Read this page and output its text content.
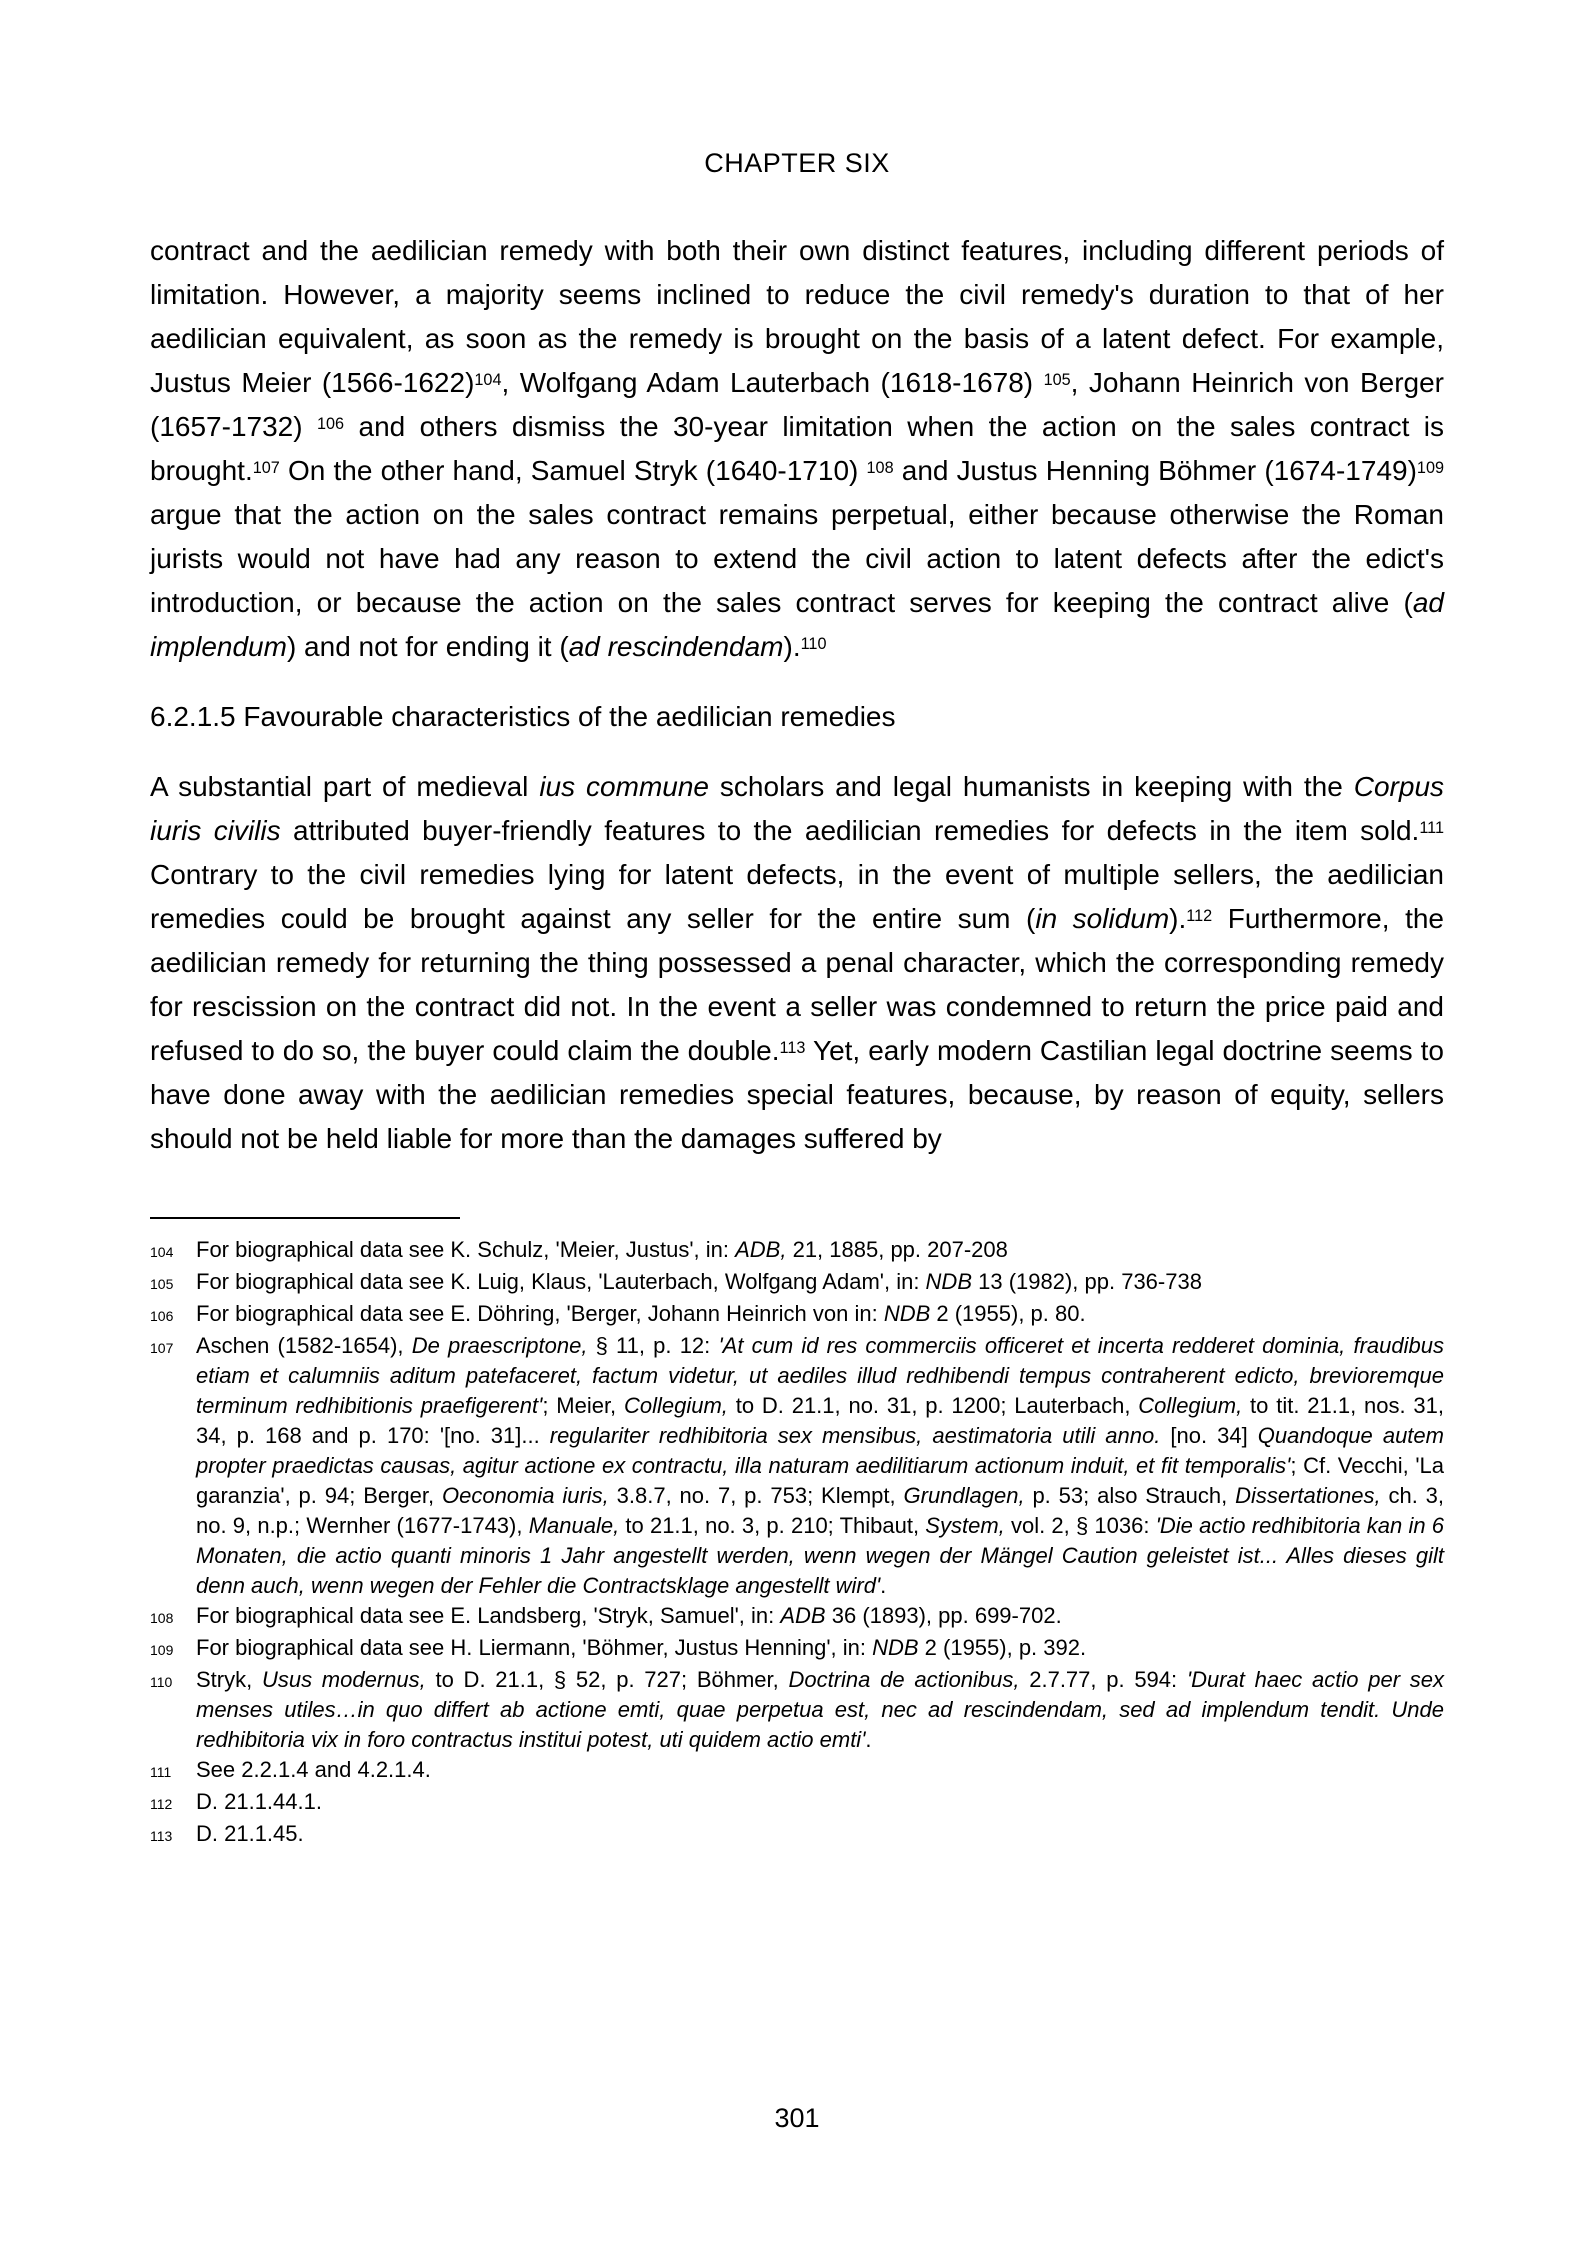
CHAPTER SIX

contract and the aedilician remedy with both their own distinct features, including different periods of limitation. However, a majority seems inclined to reduce the civil remedy's duration to that of her aedilician equivalent, as soon as the remedy is brought on the basis of a latent defect. For example, Justus Meier (1566-1622)$^{104}$, Wolfgang Adam Lauterbach (1618-1678) $^{105}$, Johann Heinrich von Berger (1657-1732) $^{106}$ and others dismiss the 30-year limitation when the action on the sales contract is brought.$^{107}$ On the other hand, Samuel Stryk (1640-1710) $^{108}$ and Justus Henning Böhmer (1674-1749)$^{109}$ argue that the action on the sales contract remains perpetual, either because otherwise the Roman jurists would not have had any reason to extend the civil action to latent defects after the edict's introduction, or because the action on the sales contract serves for keeping the contract alive (ad implendum) and not for ending it (ad rescindendam).$^{110}$

6.2.1.5 Favourable characteristics of the aedilician remedies

A substantial part of medieval ius commune scholars and legal humanists in keeping with the Corpus iuris civilis attributed buyer-friendly features to the aedilician remedies for defects in the item sold.$^{111}$ Contrary to the civil remedies lying for latent defects, in the event of multiple sellers, the aedilician remedies could be brought against any seller for the entire sum (in solidum).$^{112}$ Furthermore, the aedilician remedy for returning the thing possessed a penal character, which the corresponding remedy for rescission on the contract did not. In the event a seller was condemned to return the price paid and refused to do so, the buyer could claim the double.$^{113}$ Yet, early modern Castilian legal doctrine seems to have done away with the aedilician remedies special features, because, by reason of equity, sellers should not be held liable for more than the damages suffered by

104	For biographical data see K. Schulz, 'Meier, Justus', in: ADB, 21, 1885, pp. 207-208
105	For biographical data see K. Luig, Klaus, 'Lauterbach, Wolfgang Adam', in: NDB 13 (1982), pp. 736-738
106	For biographical data see E. Döhring, 'Berger, Johann Heinrich von in: NDB 2 (1955), p. 80.
107	Aschen (1582-1654), De praescriptone, § 11, p. 12: 'At cum id res commerciis officeret et incerta redderet dominia, fraudibus etiam et calumniis aditum patefaceret, factum videtur, ut aediles illud redhibendi tempus contraherent edicto, brevioremque terminum redhibitionis praefigerent'; Meier, Collegium, to D. 21.1, no. 31, p. 1200; Lauterbach, Collegium, to tit. 21.1, nos. 31, 34, p. 168 and p. 170: '[no. 31]... regulariter redhibitoria sex mensibus, aestimatoria utili anno. [no. 34] Quandoque autem propter praedictas causas, agitur actione ex contractu, illa naturam aedilitiarum actionum induit, et fit temporalis'; Cf. Vecchi, 'La garanzia', p. 94; Berger, Oeconomia iuris, 3.8.7, no. 7, p. 753; Klempt, Grundlagen, p. 53; also Strauch, Dissertationes, ch. 3, no. 9, n.p.; Wernher (1677-1743), Manuale, to 21.1, no. 3, p. 210; Thibaut, System, vol. 2, § 1036: 'Die actio redhibitoria kan in 6 Monaten, die actio quanti minoris 1 Jahr angestellt werden, wenn wegen der Mängel Caution geleistet ist... Alles dieses gilt denn auch, wenn wegen der Fehler die Contractsklage angestellt wird'.
108	For biographical data see E. Landsberg, 'Stryk, Samuel', in: ADB 36 (1893), pp. 699-702.
109	For biographical data see H. Liermann, 'Böhmer, Justus Henning', in: NDB 2 (1955), p. 392.
110	Stryk, Usus modernus, to D. 21.1, § 52, p. 727; Böhmer, Doctrina de actionibus, 2.7.77, p. 594: 'Durat haec actio per sex menses utiles…in quo differt ab actione emti, quae perpetua est, nec ad rescindendam, sed ad implendum tendit. Unde redhibitoria vix in foro contractus institui potest, uti quidem actio emti'.
111	See 2.2.1.4 and 4.2.1.4.
112	D. 21.1.44.1.
113	D. 21.1.45.
301
